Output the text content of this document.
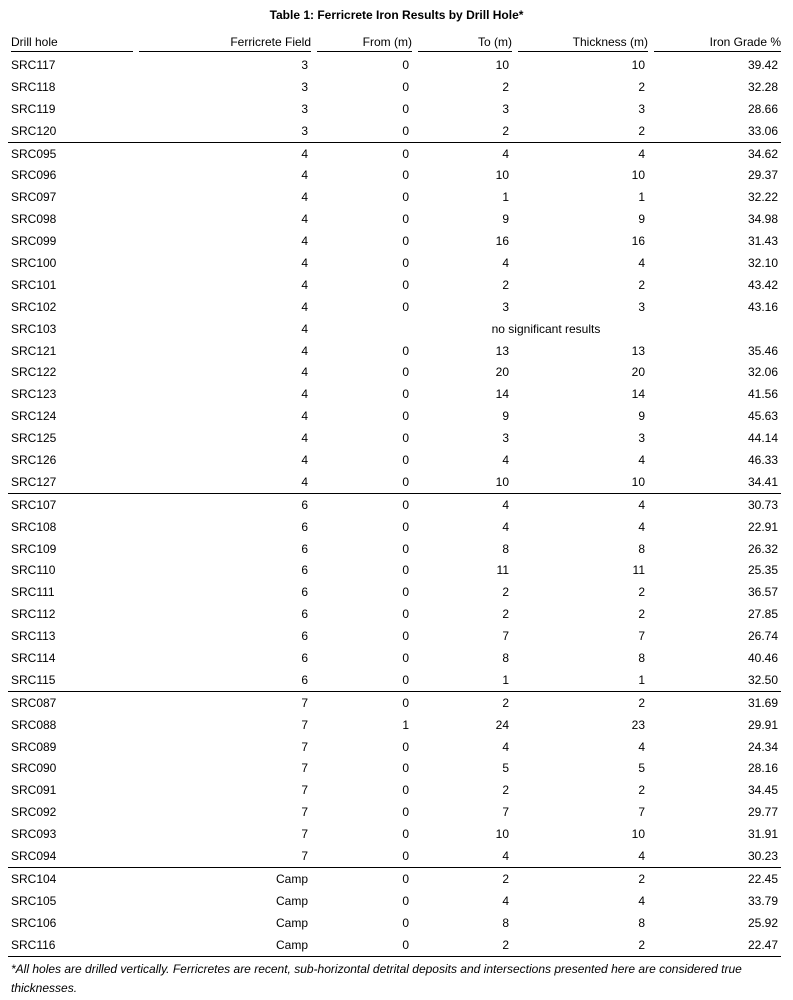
Table 1: Ferricrete Iron Results by Drill Hole*
Drill hole	Ferricrete Field	From (m)	To (m)	Thickness (m)	Iron Grade %

SRC117	3	0	10	10	39.42
SRC118	3	0	2	2	32.28
SRC119	3	0	3	3	28.66
SRC120	3	0	2	2	33.06
SRC095	4	0	4	4	34.62
SRC096	4	0	10	10	29.37
SRC097	4	0	1	1	32.22
SRC098	4	0	9	9	34.98
SRC099	4	0	16	16	31.43
SRC100	4	0	4	4	32.10
SRC101	4	0	2	2	43.42
SRC102	4	0	3	3	43.16
SRC103	4	no significant results			
SRC121	4	0	13	13	35.46
SRC122	4	0	20	20	32.06
SRC123	4	0	14	14	41.56
SRC124	4	0	9	9	45.63
SRC125	4	0	3	3	44.14
SRC126	4	0	4	4	46.33
SRC127	4	0	10	10	34.41
SRC107	6	0	4	4	30.73
SRC108	6	0	4	4	22.91
SRC109	6	0	8	8	26.32
SRC110	6	0	11	11	25.35
SRC111	6	0	2	2	36.57
SRC112	6	0	2	2	27.85
SRC113	6	0	7	7	26.74
SRC114	6	0	8	8	40.46
SRC115	6	0	1	1	32.50
SRC087	7	0	2	2	31.69
SRC088	7	1	24	23	29.91
SRC089	7	0	4	4	24.34
SRC090	7	0	5	5	28.16
SRC091	7	0	2	2	34.45
SRC092	7	0	7	7	29.77
SRC093	7	0	10	10	31.91
SRC094	7	0	4	4	30.23
SRC104	Camp	0	2	2	22.45
SRC105	Camp	0	4	4	33.79
SRC106	Camp	0	8	8	25.92
SRC116	Camp	0	2	2	22.47
*All holes are drilled vertically. Ferricretes are recent, sub-horizontal detrital deposits and intersections presented here are considered true thicknesses.
